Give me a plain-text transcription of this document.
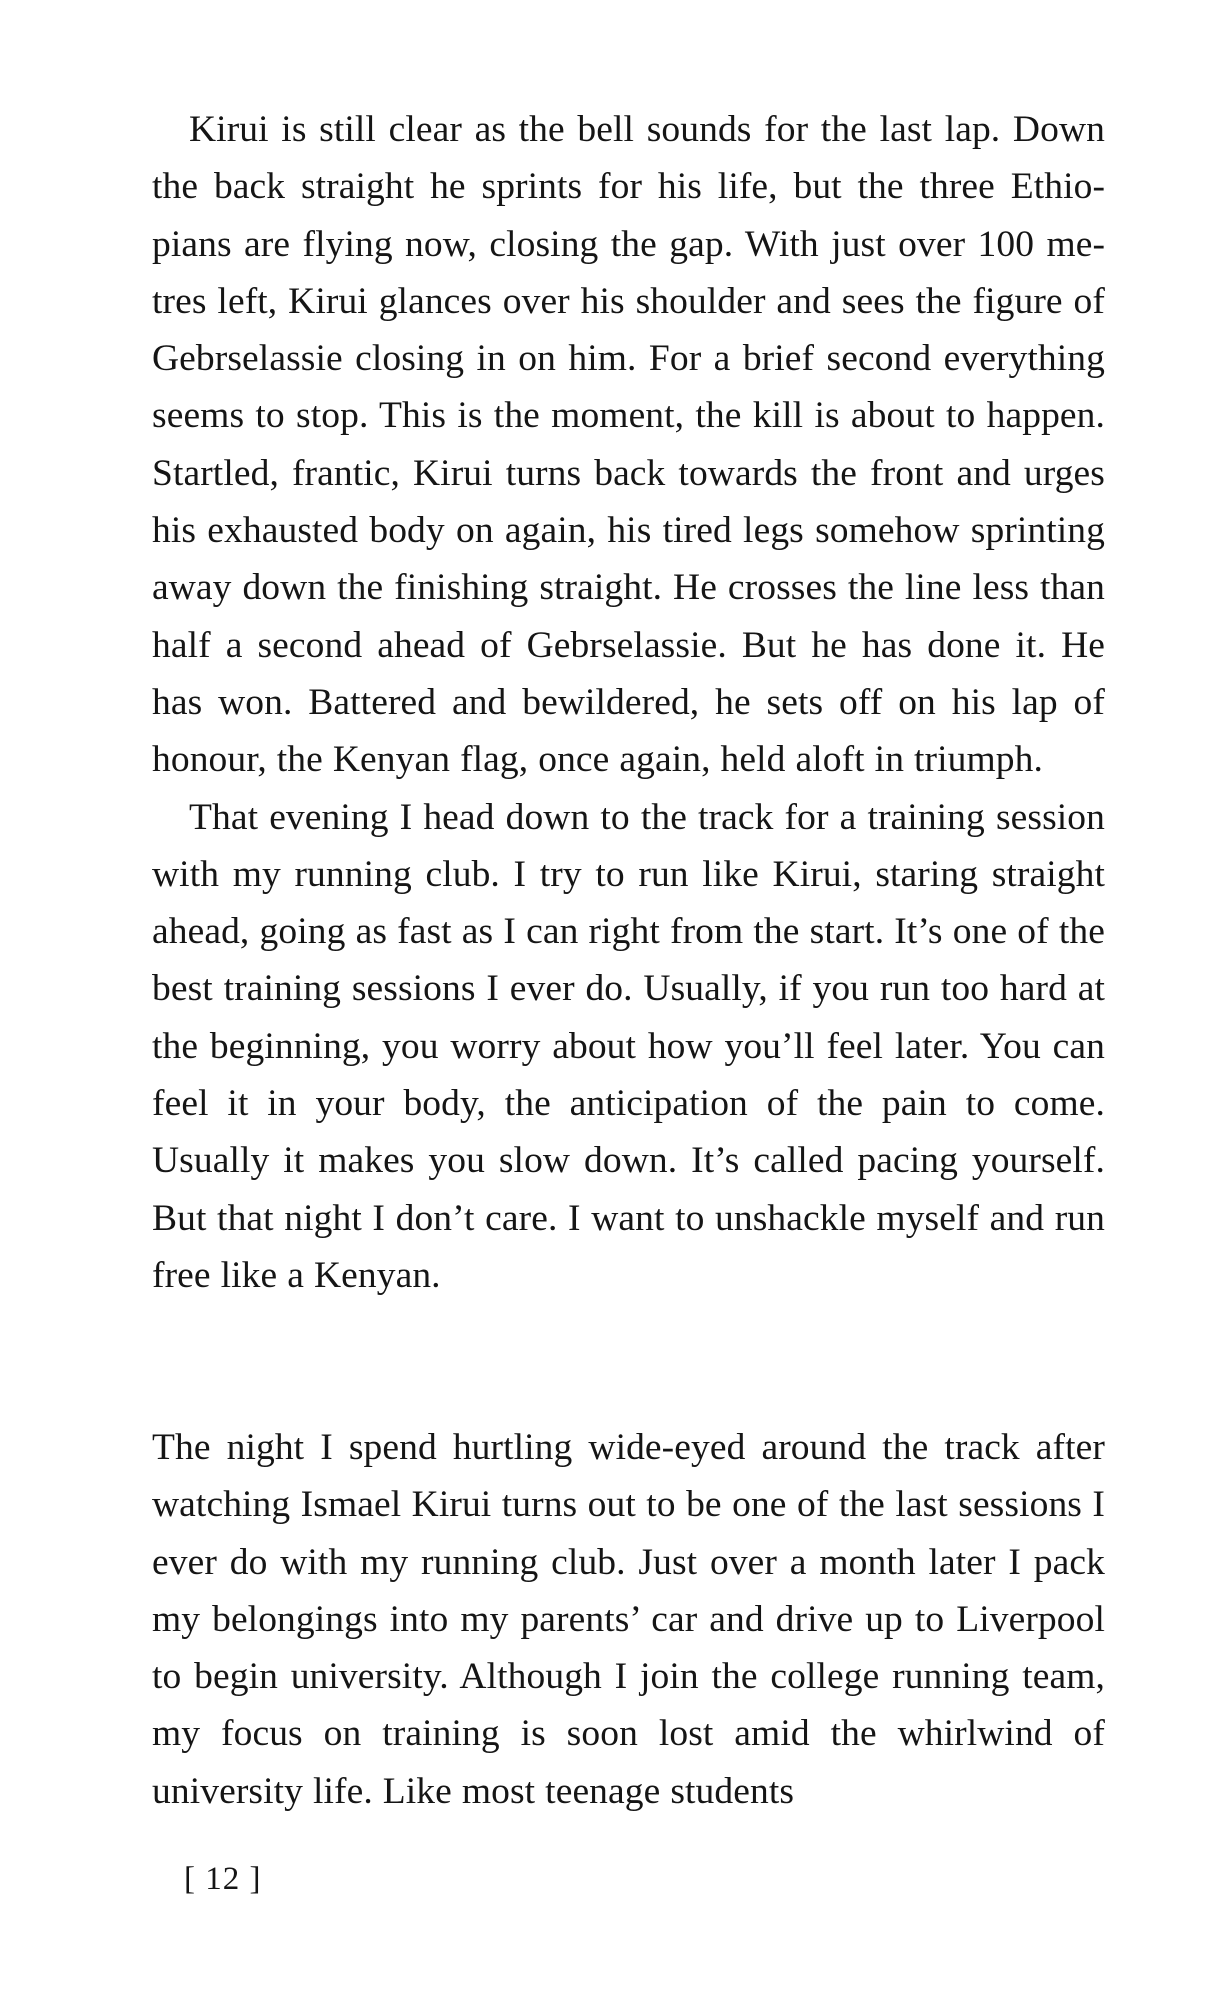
Kirui is still clear as the bell sounds for the last lap. Down the back straight he sprints for his life, but the three Ethiopians are flying now, closing the gap. With just over 100 metres left, Kirui glances over his shoulder and sees the figure of Gebrselassie closing in on him. For a brief second everything seems to stop. This is the moment, the kill is about to happen. Startled, frantic, Kirui turns back towards the front and urges his exhausted body on again, his tired legs somehow sprinting away down the finishing straight. He crosses the line less than half a second ahead of Gebrselassie. But he has done it. He has won. Battered and bewildered, he sets off on his lap of honour, the Kenyan flag, once again, held aloft in triumph.

That evening I head down to the track for a training session with my running club. I try to run like Kirui, staring straight ahead, going as fast as I can right from the start. It’s one of the best training sessions I ever do. Usually, if you run too hard at the beginning, you worry about how you’ll feel later. You can feel it in your body, the anticipation of the pain to come. Usually it makes you slow down. It’s called pacing yourself. But that night I don’t care. I want to unshackle myself and run free like a Kenyan.

The night I spend hurtling wide-eyed around the track after watching Ismael Kirui turns out to be one of the last sessions I ever do with my running club. Just over a month later I pack my belongings into my parents’ car and drive up to Liverpool to begin university. Although I join the college running team, my focus on training is soon lost amid the whirlwind of university life. Like most teenage students

[ 12 ]
